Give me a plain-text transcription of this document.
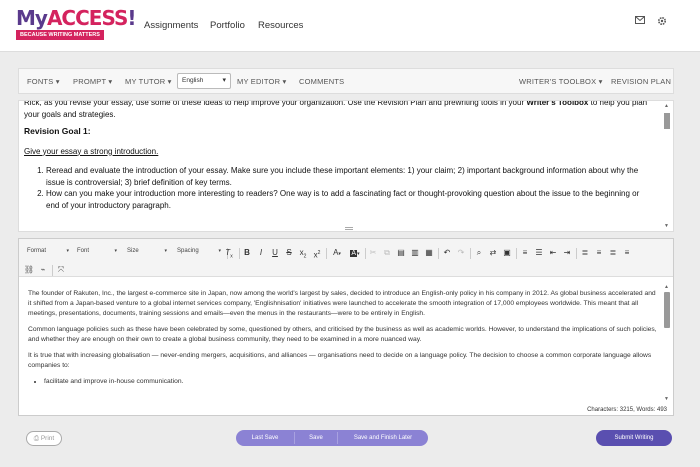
MyACCESS!
BECAUSE WRITING MATTERS
Assignments Portfolio Resources
FONTS ▾ PROMPT ▾ MY TUTOR ▾	English	▾ MY EDITOR ▾ COMMENTS	WRITER'S TOOLBOX ▾ REVISION PLAN

Rick, as you revise your essay, use some of these ideas to help improve your organization. Use the Revision Plan and prewriting tools in your Writer's Toolbox to help you plan your goals and strategies.

Revision Goal 1:

Give your essay a strong introduction.

1. Reread and evaluate the introduction of your essay. Make sure you include these important elements: 1) your claim; 2) important background information about why the issue is controversial; 3) brief definition of key terms.
2. How can you make your introduction more interesting to readers? One way is to add a fascinating fact or thought-provoking question about the issue to the beginning or end of your introductory paragraph.
▲
▼
Format	▾ Font	▾ Size	▾ Spacing	▾ $T_x$	B	I	U	S $x_2$ $x^2$	A▾	A▾	✂ ⧉ ▤ ▥ ▦	↶ ↷	⌕	⇄ ▣	≡	☰ ⇤ ⇥	≣	≡	≣	≡
⛓ ⌁	⤧

The founder of Rakuten, Inc., the largest e-commerce site in Japan, now among the world's largest by sales, decided to introduce an English-only policy in his company in 2012. As global business accelerated and it shifted from a Japan-based venture to a global internet services company, 'Englishnisation' initiatives were launched to accelerate the smooth integration of 17,000 employees worldwide. This meant that all meetings, presentations, documents, training sessions and emails—even the menus in the restaurants—were to be entirely in English.

Common language policies such as these have been celebrated by some, questioned by others, and criticised by the business as well as academic worlds. However, to understand the implications of such policies, and whether they are enough on their own to create a global business community, they need to be examined in a more nuanced way.

It is true that with increasing globalisation — never-ending mergers, acquisitions, and alliances — organisations need to decide on a language policy. The decision to choose a common corporate language allows companies to:

• facilitate and improve in-house communication.
▲
▼
Characters: 3215, Words: 493
⎙ Print	Last Save	Save	Save and Finish Later	Submit Writing
